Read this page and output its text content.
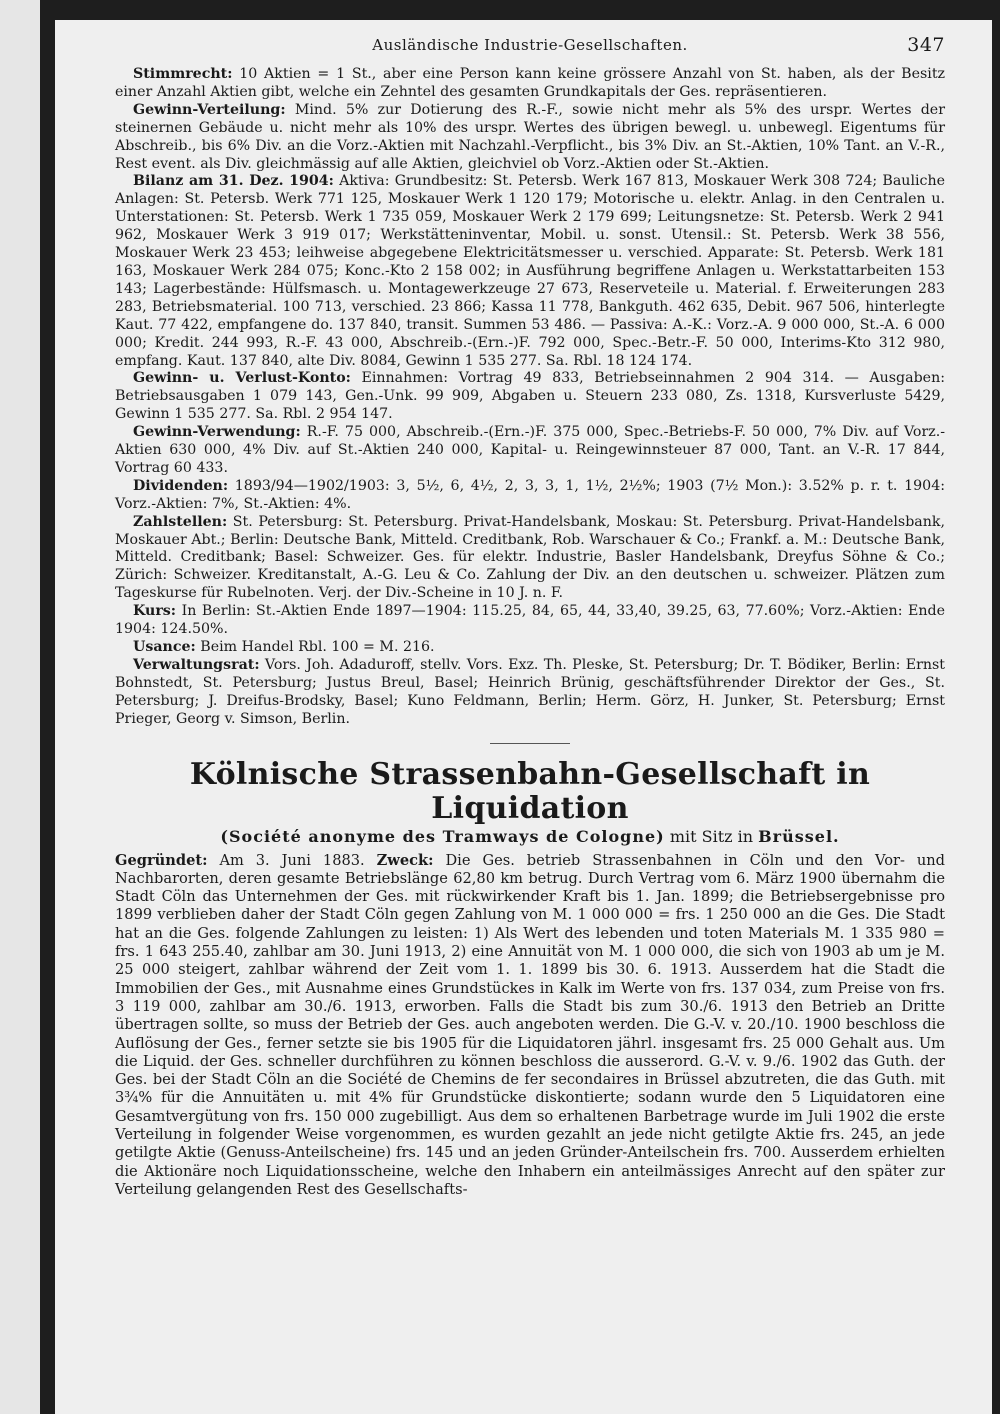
Ausländische Industrie-Gesellschaften.	347

Stimmrecht: 10 Aktien = 1 St., aber eine Person kann keine grössere Anzahl von St. haben, als der Besitz einer Anzahl Aktien gibt, welche ein Zehntel des gesamten Grundkapitals der Ges. repräsentieren.

Gewinn-Verteilung: Mind. 5% zur Dotierung des R.-F., sowie nicht mehr als 5% des urspr. Wertes der steinernen Gebäude u. nicht mehr als 10% des urspr. Wertes des übrigen bewegl. u. unbewegl. Eigentums für Abschreib., bis 6% Div. an die Vorz.-Aktien mit Nachzahl.-Verpflicht., bis 3% Div. an St.-Aktien, 10% Tant. an V.-R., Rest event. als Div. gleichmässig auf alle Aktien, gleichviel ob Vorz.-Aktien oder St.-Aktien.

Bilanz am 31. Dez. 1904: Aktiva: Grundbesitz: St. Petersb. Werk 167 813, Moskauer Werk 308 724; Bauliche Anlagen: St. Petersb. Werk 771 125, Moskauer Werk 1 120 179; Motorische u. elektr. Anlag. in den Centralen u. Unterstationen: St. Petersb. Werk 1 735 059, Moskauer Werk 2 179 699; Leitungsnetze: St. Petersb. Werk 2 941 962, Moskauer Werk 3 919 017; Werkstätteninventar, Mobil. u. sonst. Utensil.: St. Petersb. Werk 38 556, Moskauer Werk 23 453; leihweise abgegebene Elektricitätsmesser u. verschied. Apparate: St. Petersb. Werk 181 163, Moskauer Werk 284 075; Konc.-Kto 2 158 002; in Ausführung begriffene Anlagen u. Werkstattarbeiten 153 143; Lagerbestände: Hülfsmasch. u. Montagewerkzeuge 27 673, Reserveteile u. Material. f. Erweiterungen 283 283, Betriebsmaterial. 100 713, verschied. 23 866; Kassa 11 778, Bankguth. 462 635, Debit. 967 506, hinterlegte Kaut. 77 422, empfangene do. 137 840, transit. Summen 53 486. — Passiva: A.-K.: Vorz.-A. 9 000 000, St.-A. 6 000 000; Kredit. 244 993, R.-F. 43 000, Abschreib.-(Ern.-)F. 792 000, Spec.-Betr.-F. 50 000, Interims-Kto 312 980, empfang. Kaut. 137 840, alte Div. 8084, Gewinn 1 535 277. Sa. Rbl. 18 124 174.

Gewinn- u. Verlust-Konto: Einnahmen: Vortrag 49 833, Betriebseinnahmen 2 904 314. — Ausgaben: Betriebsausgaben 1 079 143, Gen.-Unk. 99 909, Abgaben u. Steuern 233 080, Zs. 1318, Kursverluste 5429, Gewinn 1 535 277. Sa. Rbl. 2 954 147.

Gewinn-Verwendung: R.-F. 75 000, Abschreib.-(Ern.-)F. 375 000, Spec.-Betriebs-F. 50 000, 7% Div. auf Vorz.-Aktien 630 000, 4% Div. auf St.-Aktien 240 000, Kapital- u. Reingewinnsteuer 87 000, Tant. an V.-R. 17 844, Vortrag 60 433.

Dividenden: 1893/94—1902/1903: 3, 5½, 6, 4½, 2, 3, 3, 1, 1½, 2½%; 1903 (7½ Mon.): 3.52% p. r. t. 1904: Vorz.-Aktien: 7%, St.-Aktien: 4%.

Zahlstellen: St. Petersburg: St. Petersburg. Privat-Handelsbank, Moskau: St. Petersburg. Privat-Handelsbank, Moskauer Abt.; Berlin: Deutsche Bank, Mitteld. Creditbank, Rob. Warschauer & Co.; Frankf. a. M.: Deutsche Bank, Mitteld. Creditbank; Basel: Schweizer. Ges. für elektr. Industrie, Basler Handelsbank, Dreyfus Söhne & Co.; Zürich: Schweizer. Kreditanstalt, A.-G. Leu & Co. Zahlung der Div. an den deutschen u. schweizer. Plätzen zum Tageskurse für Rubelnoten. Verj. der Div.-Scheine in 10 J. n. F.

Kurs: In Berlin: St.-Aktien Ende 1897—1904: 115.25, 84, 65, 44, 33,40, 39.25, 63, 77.60%; Vorz.-Aktien: Ende 1904: 124.50%.

Usance: Beim Handel Rbl. 100 = M. 216.

Verwaltungsrat: Vors. Joh. Adaduroff, stellv. Vors. Exz. Th. Pleske, St. Petersburg; Dr. T. Bödiker, Berlin: Ernst Bohnstedt, St. Petersburg; Justus Breul, Basel; Heinrich Brünig, geschäftsführender Direktor der Ges., St. Petersburg; J. Dreifus-Brodsky, Basel; Kuno Feldmann, Berlin; Herm. Görz, H. Junker, St. Petersburg; Ernst Prieger, Georg v. Simson, Berlin.

Kölnische Strassenbahn-Gesellschaft in Liquidation

(Société anonyme des Tramways de Cologne) mit Sitz in Brüssel.

Gegründet: Am 3. Juni 1883. Zweck: Die Ges. betrieb Strassenbahnen in Cöln und den Vor- und Nachbarorten, deren gesamte Betriebslänge 62,80 km betrug. Durch Vertrag vom 6. März 1900 übernahm die Stadt Cöln das Unternehmen der Ges. mit rückwirkender Kraft bis 1. Jan. 1899; die Betriebsergebnisse pro 1899 verblieben daher der Stadt Cöln gegen Zahlung von M. 1 000 000 = frs. 1 250 000 an die Ges. Die Stadt hat an die Ges. folgende Zahlungen zu leisten: 1) Als Wert des lebenden und toten Materials M. 1 335 980 = frs. 1 643 255.40, zahlbar am 30. Juni 1913, 2) eine Annuität von M. 1 000 000, die sich von 1903 ab um je M. 25 000 steigert, zahlbar während der Zeit vom 1. 1. 1899 bis 30. 6. 1913. Ausserdem hat die Stadt die Immobilien der Ges., mit Ausnahme eines Grundstückes in Kalk im Werte von frs. 137 034, zum Preise von frs. 3 119 000, zahlbar am 30./6. 1913, erworben. Falls die Stadt bis zum 30./6. 1913 den Betrieb an Dritte übertragen sollte, so muss der Betrieb der Ges. auch angeboten werden. Die G.-V. v. 20./10. 1900 beschloss die Auflösung der Ges., ferner setzte sie bis 1905 für die Liquidatoren jährl. insgesamt frs. 25 000 Gehalt aus. Um die Liquid. der Ges. schneller durchführen zu können beschloss die ausserord. G.-V. v. 9./6. 1902 das Guth. der Ges. bei der Stadt Cöln an die Société de Chemins de fer secondaires in Brüssel abzutreten, die das Guth. mit 3¾% für die Annuitäten u. mit 4% für Grundstücke diskontierte; sodann wurde den 5 Liquidatoren eine Gesamtvergütung von frs. 150 000 zugebilligt. Aus dem so erhaltenen Barbetrage wurde im Juli 1902 die erste Verteilung in folgender Weise vorgenommen, es wurden gezahlt an jede nicht getilgte Aktie frs. 245, an jede getilgte Aktie (Genuss-Anteilscheine) frs. 145 und an jeden Gründer-Anteilschein frs. 700. Ausserdem erhielten die Aktionäre noch Liquidationsscheine, welche den Inhabern ein anteilmässiges Anrecht auf den später zur Verteilung gelangenden Rest des Gesellschafts-
